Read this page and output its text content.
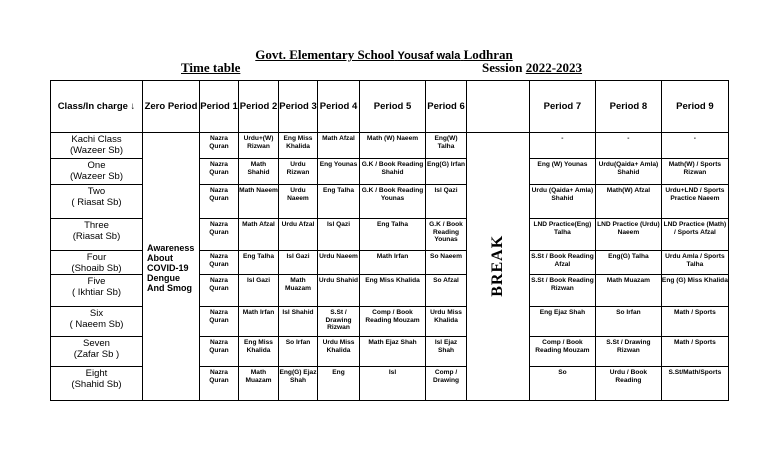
Govt. Elementary School Yousaf wala Lodhran
Time table	Session 2022-2023
Class/In charge ↓	Zero Period	Period 1	Period 2	Period 3	Period 4	Period 5	Period 6		Period 7	Period 8	Period 9

Kachi Class
(Wazeer Sb)	Awareness About COVID-19 Dengue And Smog	Nazra Quran	Urdu+(W) Rizwan	Eng Miss Khalida	Math Afzal	Math (W) Naeem	Eng(W) Talha	BREAK	-	-	-

One
(Wazeer Sb)		Nazra Quran	Math Shahid	Urdu Rizwan	Eng Younas	G.K / Book Reading Shahid	Eng(G) Irfan		Eng (W) Younas	Urdu(Qaida+ Amla) Shahid	Math(W) / Sports Rizwan

Two
( Riasat Sb)		Nazra Quran	Math Naeem	Urdu Naeem	Eng Talha	G.K / Book Reading Younas	Isl Qazi		Urdu (Qaida+ Amla) Shahid	Math(W) Afzal	Urdu+LND / Sports Practice Naeem

Three
(Riasat Sb)		Nazra Quran	Math Afzal	Urdu Afzal	Isl Qazi	Eng Talha	G.K / Book Reading Younas		LND Practice(Eng) Talha	LND Practice (Urdu) Naeem	LND Practice (Math) / Sports Afzal

Four
(Shoaib Sb)		Nazra Quran	Eng Talha	Isl Gazi	Urdu Naeem	Math Irfan	So Naeem		S.St / Book Reading Afzal	Eng(G) Talha	Urdu Amla / Sports Talha

Five
( Ikhtiar Sb)		Nazra Quran	Isl Gazi	Math Muazam	Urdu Shahid	Eng Miss Khalida	So Afzal		S.St / Book Reading Rizwan	Math Muazam	Eng (G) Miss Khalida

Six
( Naeem Sb)		Nazra Quran	Math Irfan	Isl Shahid	S.St / Drawing Rizwan	Comp / Book Reading Mouzam	Urdu Miss Khalida		Eng Ejaz Shah	So Irfan	Math / Sports

Seven
(Zafar Sb )		Nazra Quran	Eng Miss Khalida	So Irfan	Urdu Miss Khalida	Math Ejaz Shah	Isl Ejaz Shah		Comp / Book Reading Mouzam	S.St / Drawing Rizwan	Math / Sports

Eight
(Shahid Sb)		Nazra Quran	Math Muazam	Eng(G) Ejaz Shah	Eng	Isl	Comp / Drawing		So	Urdu / Book Reading	S.St/Math/Sports
